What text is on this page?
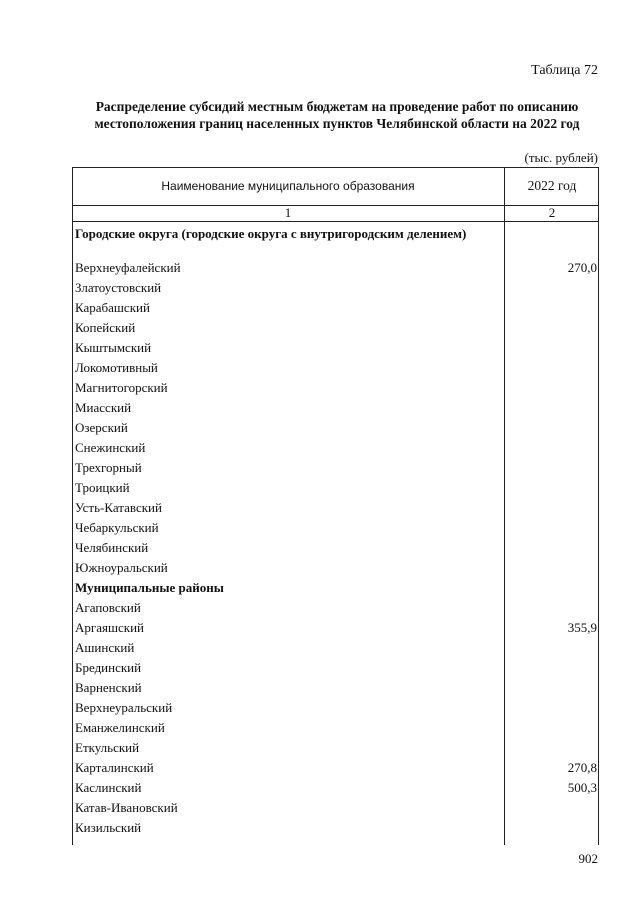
Таблица 72
Распределение субсидий местным бюджетам на проведение работ по описанию
местоположения границ населенных пунктов Челябинской области на 2022 год
(тыс. рублей)
Наименование муниципального образования	2022 год
1	2
Городские округа (городские округа с внутригородским делением)
Верхнеуфалейский	270,0
Златоустовский
Карабашский
Копейский
Кыштымский
Локомотивный
Магнитогорский
Миасский
Озерский
Снежинский
Трехгорный
Троицкий
Усть-Катавский
Чебаркульский
Челябинский
Южноуральский
Муниципальные районы
Агаповский
Аргаяшский	355,9
Ашинский
Брединский
Варненский
Верхнеуральский
Еманжелинский
Еткульский
Карталинский	270,8
Каслинский	500,3
Катав-Ивановский
Кизильский
902
